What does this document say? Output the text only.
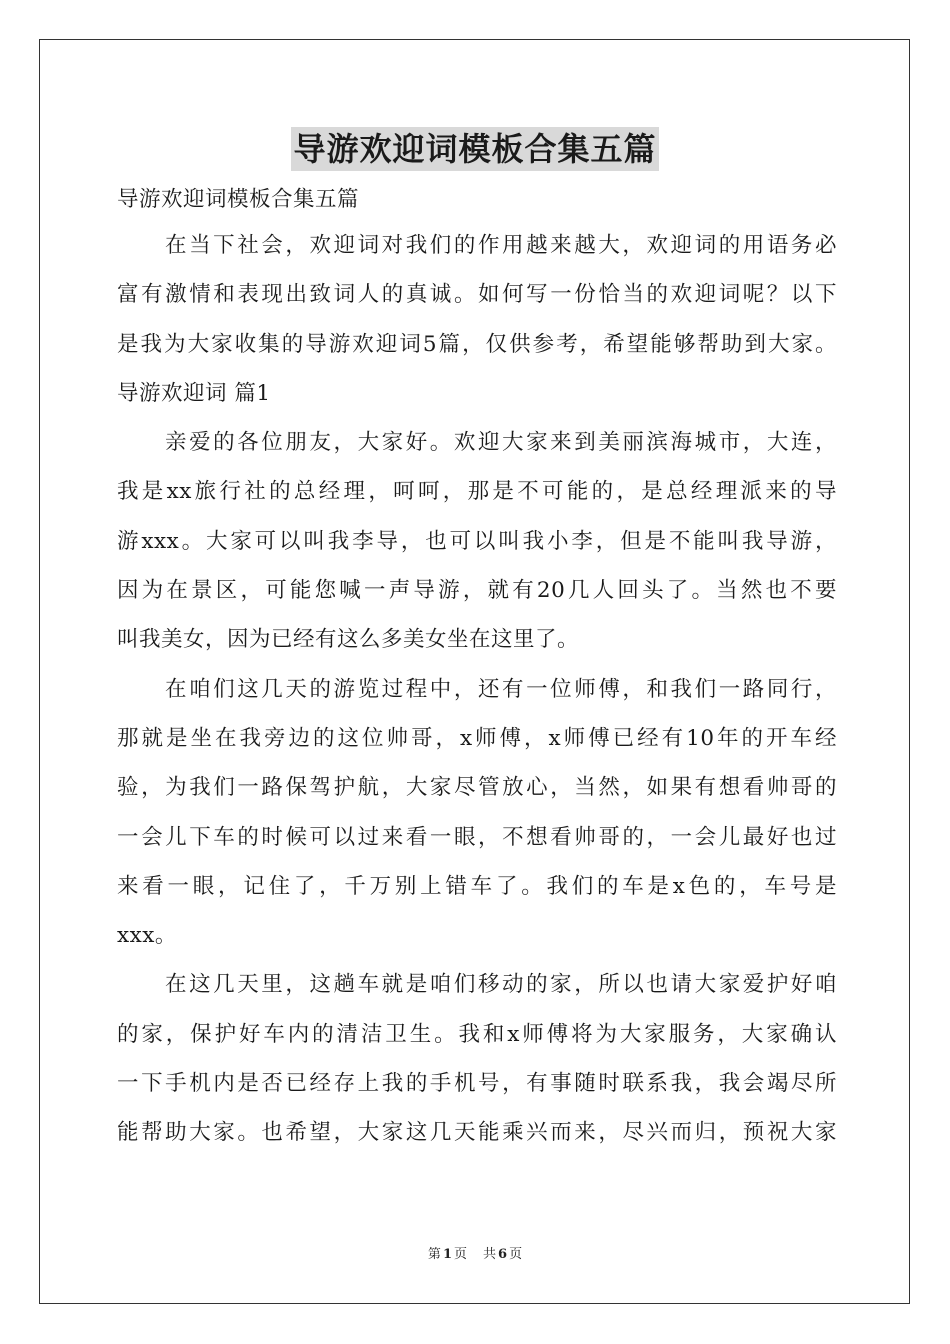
导游欢迎词模板合集五篇
导游欢迎词模板合集五篇
在当下社会，欢迎词对我们的作用越来越大，欢迎词的用语务必
富有激情和表现出致词人的真诚。如何写一份恰当的欢迎词呢？以下
是我为大家收集的导游欢迎词5篇，仅供参考，希望能够帮助到大家。
导游欢迎词 篇1
亲爱的各位朋友，大家好。欢迎大家来到美丽滨海城市，大连，
我是xx旅行社的总经理，呵呵，那是不可能的，是总经理派来的导
游xxx。大家可以叫我李导，也可以叫我小李，但是不能叫我导游，
因为在景区，可能您喊一声导游，就有20几人回头了。当然也不要
叫我美女，因为已经有这么多美女坐在这里了。
在咱们这几天的游览过程中，还有一位师傅，和我们一路同行，
那就是坐在我旁边的这位帅哥，x师傅，x师傅已经有10年的开车经
验，为我们一路保驾护航，大家尽管放心，当然，如果有想看帅哥的
一会儿下车的时候可以过来看一眼，不想看帅哥的，一会儿最好也过
来看一眼，记住了，千万别上错车了。我们的车是x色的，车号是
xxx。
在这几天里，这趟车就是咱们移动的家，所以也请大家爱护好咱
的家，保护好车内的清洁卫生。我和x师傅将为大家服务，大家确认
一下手机内是否已经存上我的手机号，有事随时联系我，我会竭尽所
能帮助大家。也希望，大家这几天能乘兴而来，尽兴而归，预祝大家
第 1 页 共 6 页
